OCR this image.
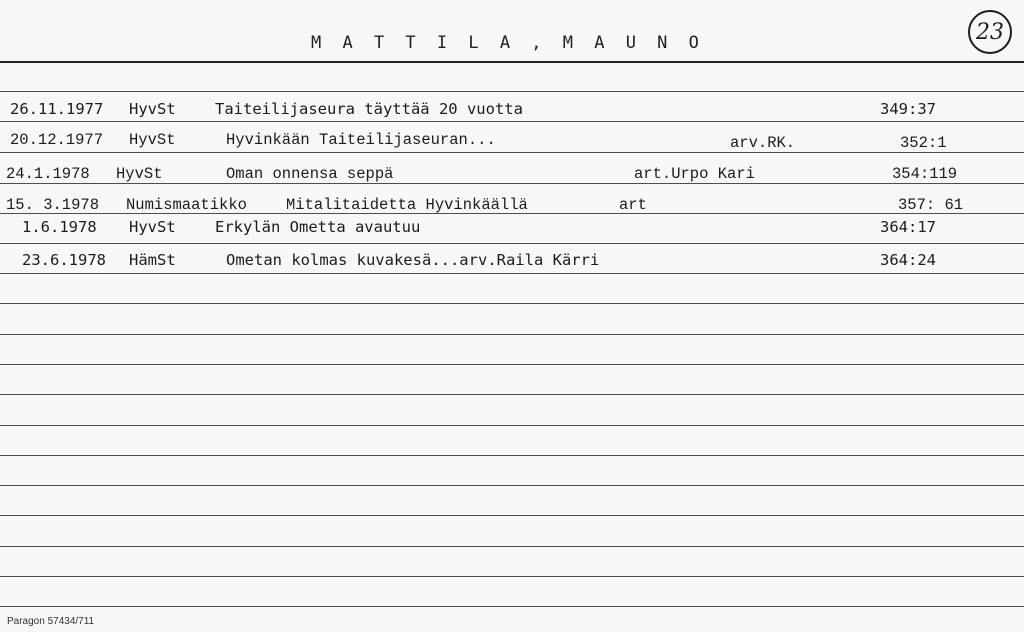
M A T T I L A , M A U N O	23
26.11.1977 HyvSt	Taiteilijaseura täyttää 20 vuotta	349:37
20.12.1977 HyvSt	Hyvinkään Taiteilijaseuran...	arv.RK.	352:1
24.1.1978 HyvSt	Oman onnensa seppä	art.Urpo Kari	354:119
15. 3.1978 Numismaatikko	Mitalitaidetta Hyvinkäällä	art	357: 61
1.6.1978 HyvSt	Erkylän Ometta avautuu	364:17
23.6.1978 HämSt	Ometan kolmas kuvakesä...arv.Raila Kärri	364:24
Paragon 57434/711
